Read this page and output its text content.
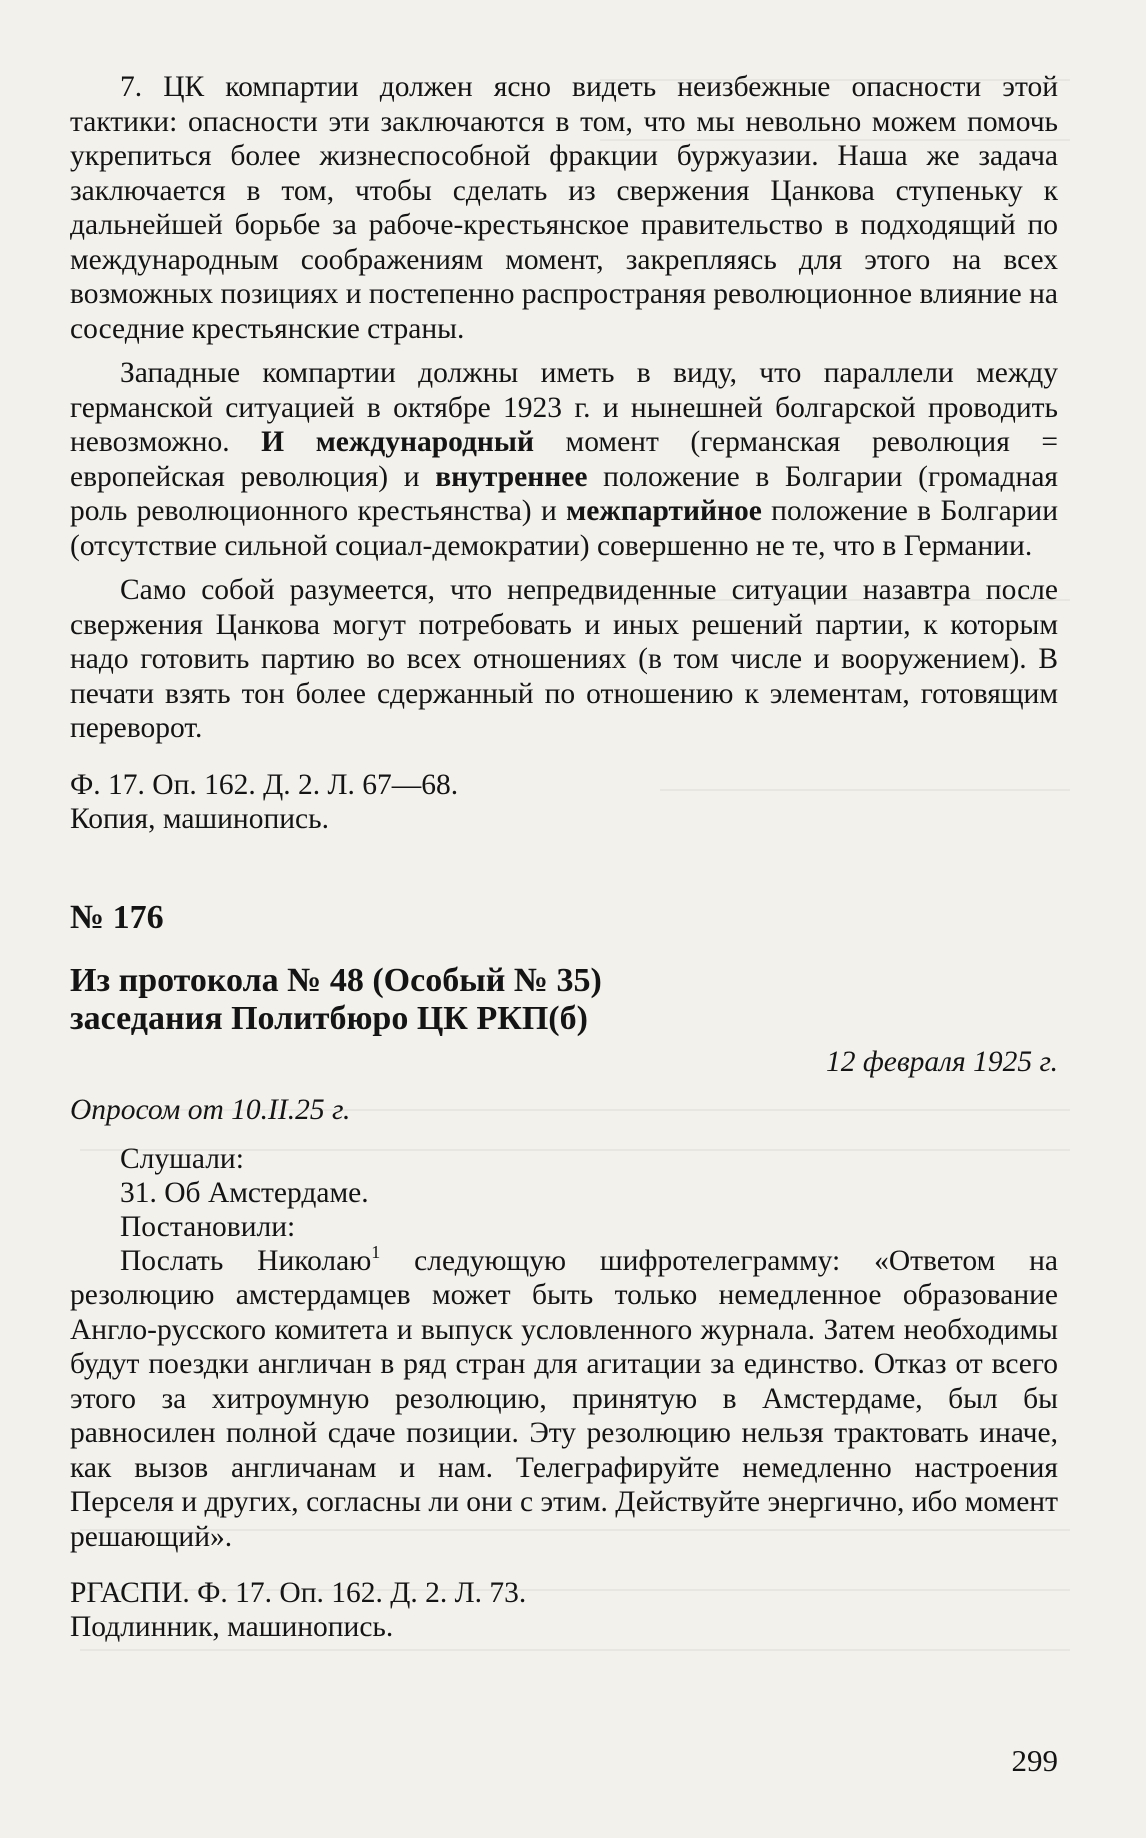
7. ЦК компартии должен ясно видеть неизбежные опасности этой тактики: опасности эти заключаются в том, что мы невольно можем помочь укрепиться более жизнеспособной фракции буржуазии. Наша же задача заключается в том, чтобы сделать из свержения Цанкова ступеньку к дальнейшей борьбе за рабоче-крестьянское правительство в подходящий по международным соображениям момент, закрепляясь для этого на всех возможных позициях и постепенно распространяя революционное влияние на соседние крестьянские страны.

Западные компартии должны иметь в виду, что параллели между германской ситуацией в октябре 1923 г. и нынешней болгарской проводить невозможно. И международный момент (германская революция = европейская революция) и внутреннее положение в Болгарии (громадная роль революционного крестьянства) и межпартийное положение в Болгарии (отсутствие сильной социал-демократии) совершенно не те, что в Германии.

Само собой разумеется, что непредвиденные ситуации назавтра после свержения Цанкова могут потребовать и иных решений партии, к которым надо готовить партию во всех отношениях (в том числе и вооружением). В печати взять тон более сдержанный по отношению к элементам, готовящим переворот.

Ф. 17. Оп. 162. Д. 2. Л. 67—68.
Копия, машинопись.
№ 176
Из протокола № 48 (Особый № 35)
заседания Политбюро ЦК РКП(б)
12 февраля 1925 г.
Опросом от 10.II.25 г.
Слушали:
31. Об Амстердаме.
Постановили:

Послать Николаю$^1$ следующую шифротелеграмму: «Ответом на резолюцию амстердамцев может быть только немедленное образование Англо-русского комитета и выпуск условленного журнала. Затем необходимы будут поездки англичан в ряд стран для агитации за единство. Отказ от всего этого за хитроумную резолюцию, принятую в Амстердаме, был бы равносилен полной сдаче позиции. Эту резолюцию нельзя трактовать иначе, как вызов англичанам и нам. Телеграфируйте немедленно настроения Перселя и других, согласны ли они с этим. Действуйте энергично, ибо момент решающий».

РГАСПИ. Ф. 17. Оп. 162. Д. 2. Л. 73.
Подлинник, машинопись.
299
